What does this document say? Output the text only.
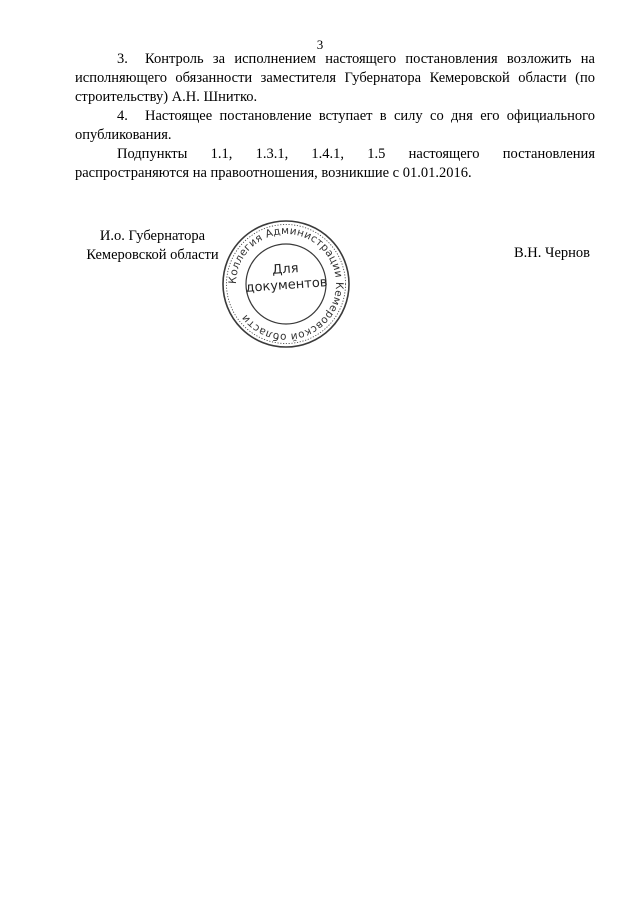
3

3. Контроль за исполнением настоящего постановления возложить на исполняющего обязанности заместителя Губернатора Кемеровской области (по строительству) А.Н. Шнитко.

4. Настоящее постановление вступает в силу со дня его официального опубликования.

Подпункты 1.1, 1.3.1, 1.4.1, 1.5 настоящего постановления распространяются на правоотношения, возникшие с 01.01.2016.

И.о. Губернатора
Кемеровской области	В.Н. Чернов
Коллегия Администрации Кемеровской области
Для
документов
